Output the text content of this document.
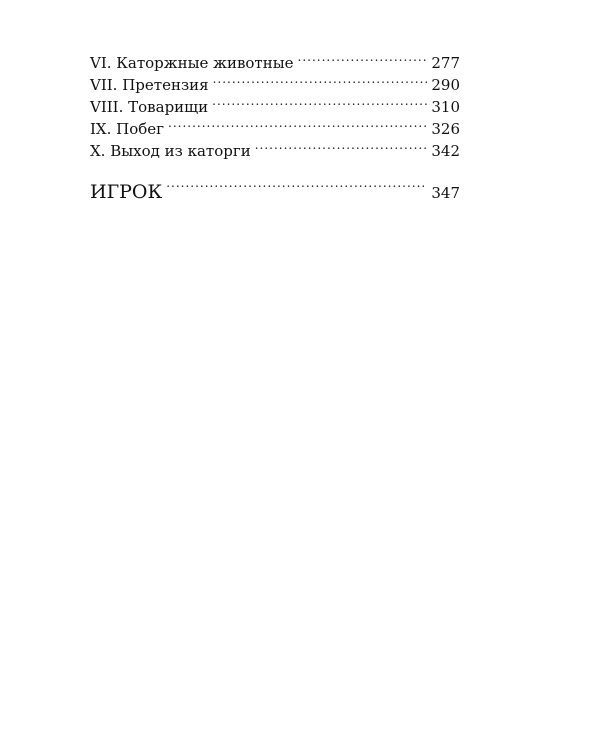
VI. Каторжные животные .....	277
VII. Претензия .....	290
VIII. Товарищи .....	310
IX. Побег .....	326
X. Выход из каторги .....	342
ИГРОК .....	347
